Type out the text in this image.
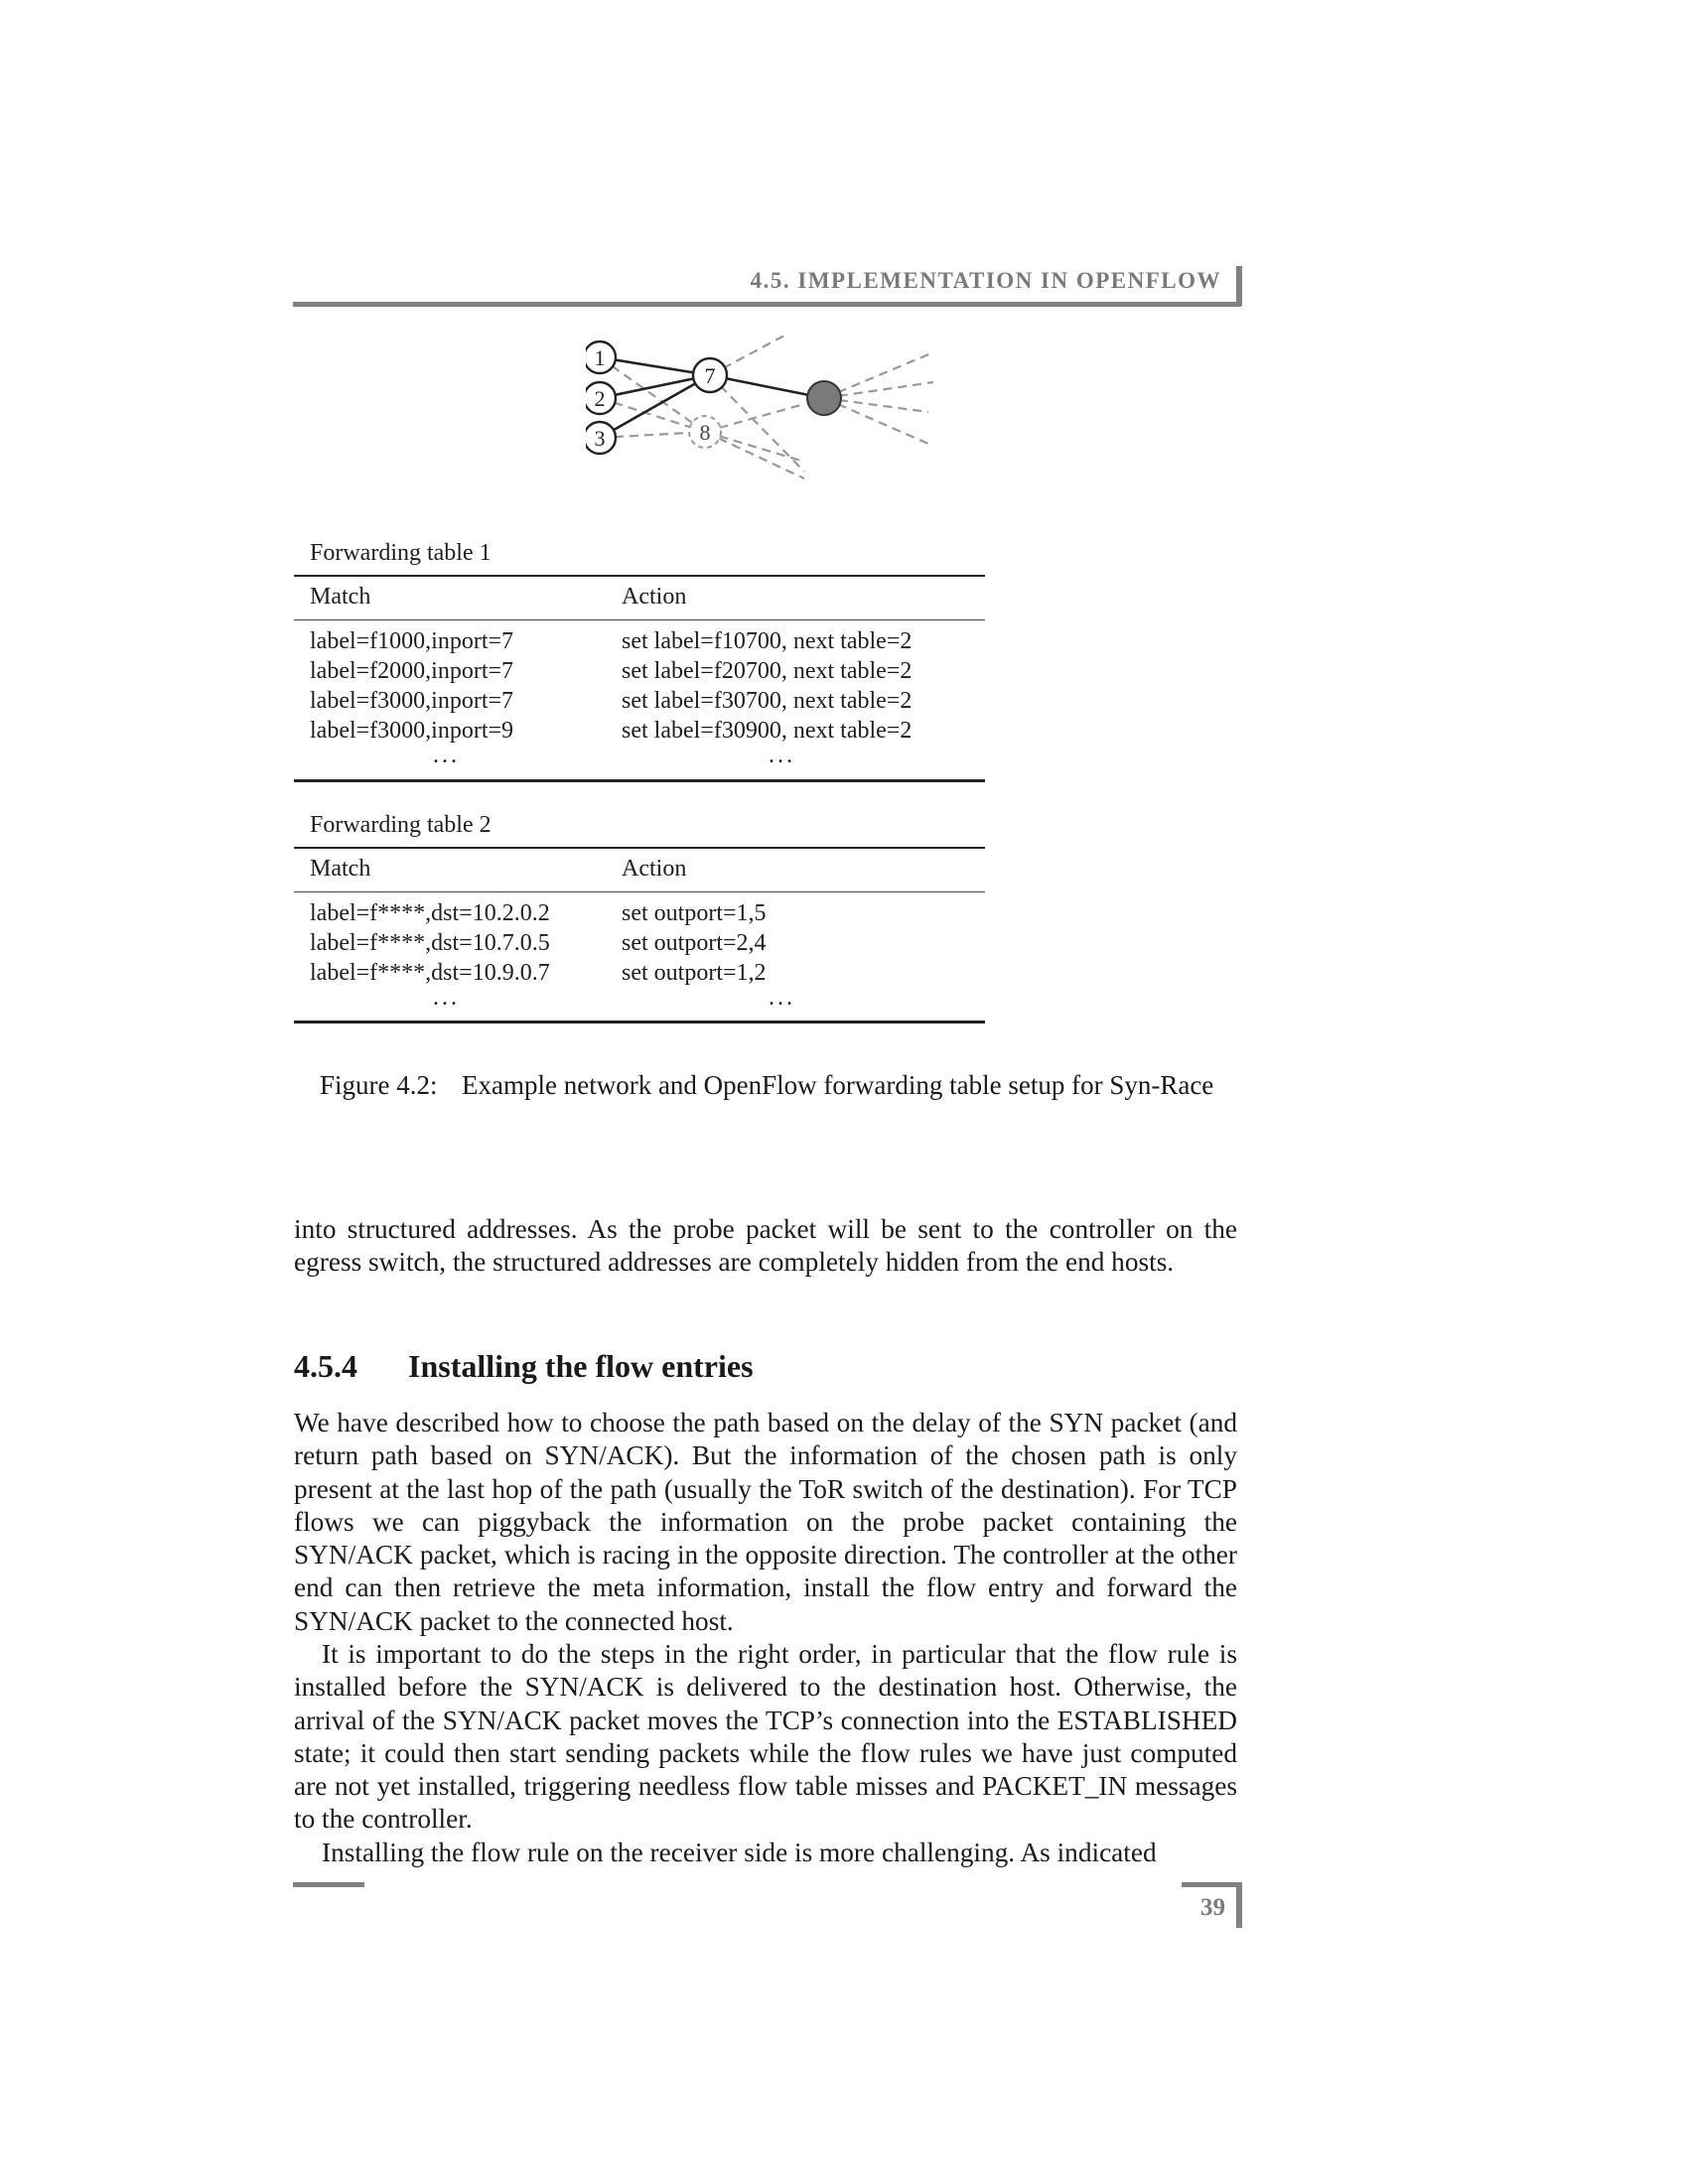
4.5. IMPLEMENTATION IN OPENFLOW
8
1
2
3
7
Forwarding table 1
Match	Action
label=f1000,inport=7	set label=f10700, next table=2
label=f2000,inport=7	set label=f20700, next table=2
label=f3000,inport=7	set label=f30700, next table=2
label=f3000,inport=9	set label=f30900, next table=2
...	...
Forwarding table 2
Match	Action
label=f****,dst=10.2.0.2	set outport=1,5
label=f****,dst=10.7.0.5	set outport=2,4
label=f****,dst=10.9.0.7	set outport=1,2
...	...
Figure 4.2: Example network and OpenFlow forwarding table setup for Syn-Race

into structured addresses. As the probe packet will be sent to the controller on the egress switch, the structured addresses are completely hidden from the end hosts.

4.5.4 Installing the flow entries

We have described how to choose the path based on the delay of the SYN packet (and return path based on SYN/ACK). But the information of the chosen path is only present at the last hop of the path (usually the ToR switch of the destination). For TCP flows we can piggyback the information on the probe packet containing the SYN/ACK packet, which is racing in the opposite direction. The controller at the other end can then retrieve the meta information, install the flow entry and forward the SYN/ACK packet to the connected host.

It is important to do the steps in the right order, in particular that the flow rule is installed before the SYN/ACK is delivered to the destination host. Otherwise, the arrival of the SYN/ACK packet moves the TCP’s connection into the ESTABLISHED state; it could then start sending packets while the flow rules we have just computed are not yet installed, triggering needless flow table misses and PACKET_IN messages to the controller.

Installing the flow rule on the receiver side is more challenging. As indicated

39
